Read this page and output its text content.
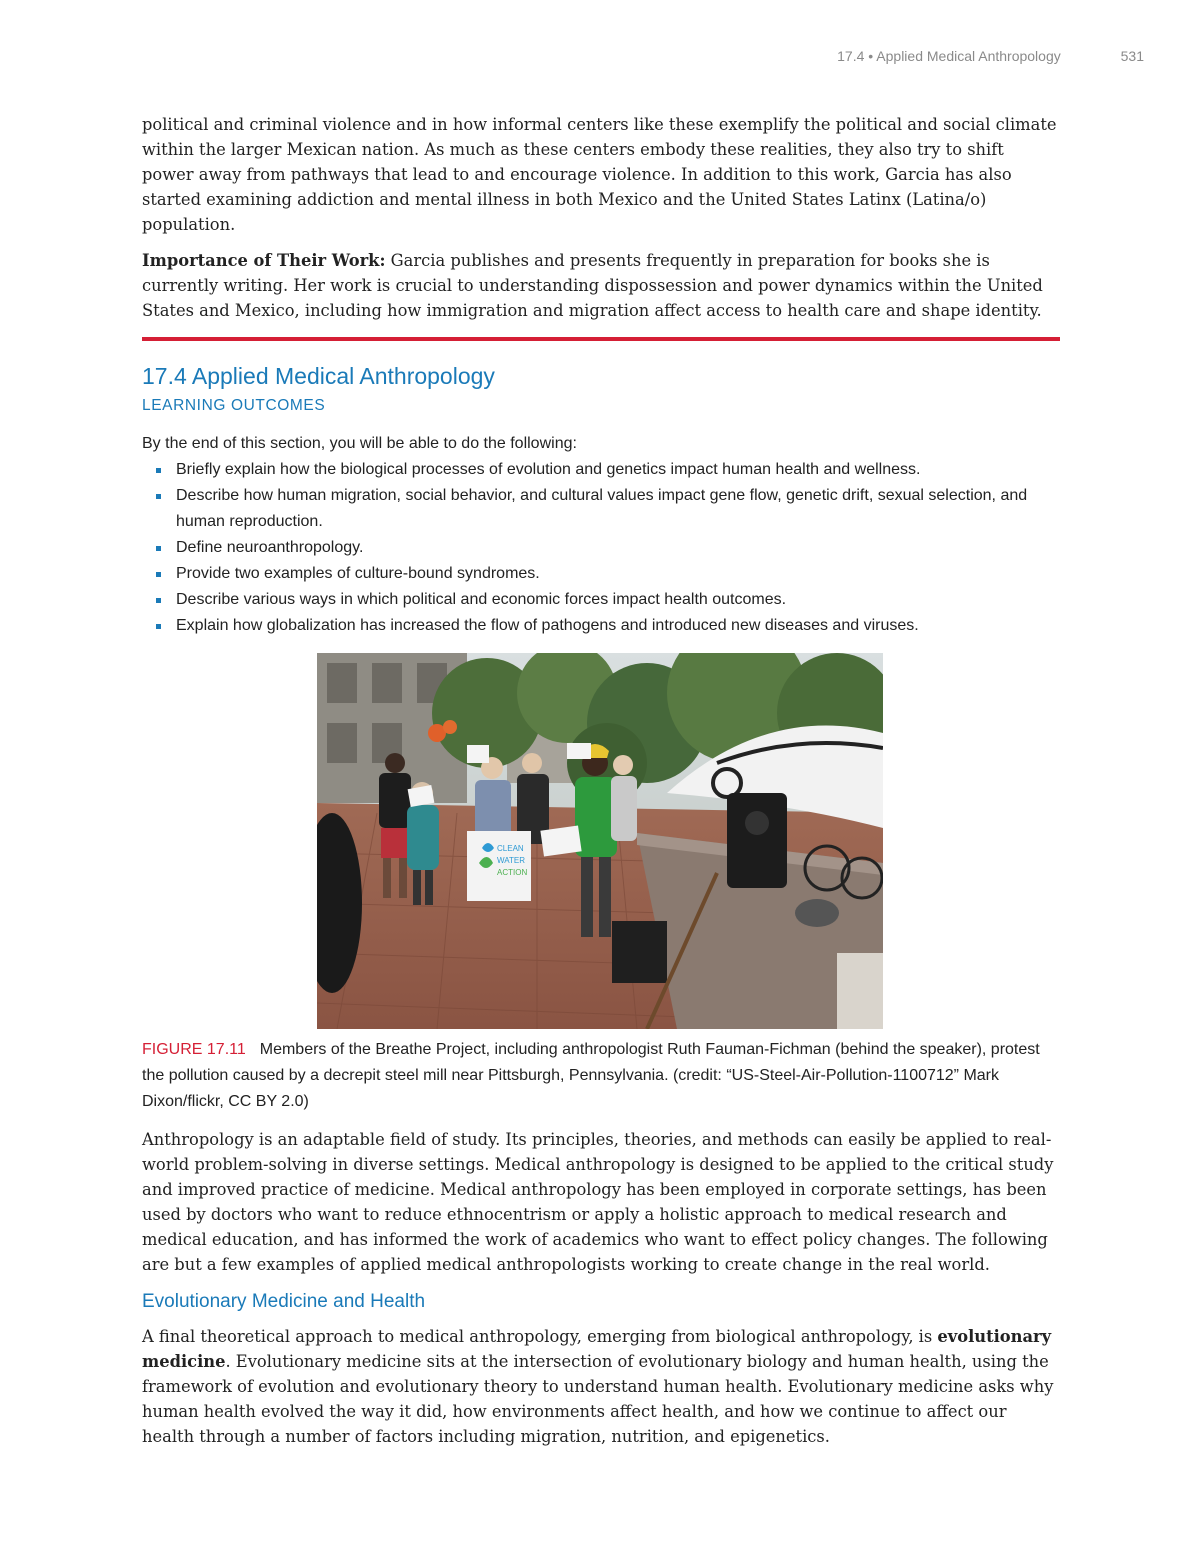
17.4 • Applied Medical Anthropology	531

political and criminal violence and in how informal centers like these exemplify the political and social climate within the larger Mexican nation. As much as these centers embody these realities, they also try to shift power away from pathways that lead to and encourage violence. In addition to this work, Garcia has also started examining addiction and mental illness in both Mexico and the United States Latinx (Latina/o) population.

Importance of Their Work: Garcia publishes and presents frequently in preparation for books she is currently writing. Her work is crucial to understanding dispossession and power dynamics within the United States and Mexico, including how immigration and migration affect access to health care and shape identity.

17.4 Applied Medical Anthropology
LEARNING OUTCOMES

By the end of this section, you will be able to do the following:

Briefly explain how the biological processes of evolution and genetics impact human health and wellness.
Describe how human migration, social behavior, and cultural values impact gene flow, genetic drift, sexual selection, and human reproduction.
Define neuroanthropology.
Provide two examples of culture-bound syndromes.
Describe various ways in which political and economic forces impact health outcomes.
Explain how globalization has increased the flow of pathogens and introduced new diseases and viruses.
CLEAN
WATER
ACTION

FIGURE 17.11 Members of the Breathe Project, including anthropologist Ruth Fauman-Fichman (behind the speaker), protest the pollution caused by a decrepit steel mill near Pittsburgh, Pennsylvania. (credit: “US-Steel-Air-Pollution-1100712” Mark Dixon/flickr, CC BY 2.0)

Anthropology is an adaptable field of study. Its principles, theories, and methods can easily be applied to real-world problem-solving in diverse settings. Medical anthropology is designed to be applied to the critical study and improved practice of medicine. Medical anthropology has been employed in corporate settings, has been used by doctors who want to reduce ethnocentrism or apply a holistic approach to medical research and medical education, and has informed the work of academics who want to effect policy changes. The following are but a few examples of applied medical anthropologists working to create change in the real world.

Evolutionary Medicine and Health

A final theoretical approach to medical anthropology, emerging from biological anthropology, is evolutionary medicine. Evolutionary medicine sits at the intersection of evolutionary biology and human health, using the framework of evolution and evolutionary theory to understand human health. Evolutionary medicine asks why human health evolved the way it did, how environments affect health, and how we continue to affect our health through a number of factors including migration, nutrition, and epigenetics.
